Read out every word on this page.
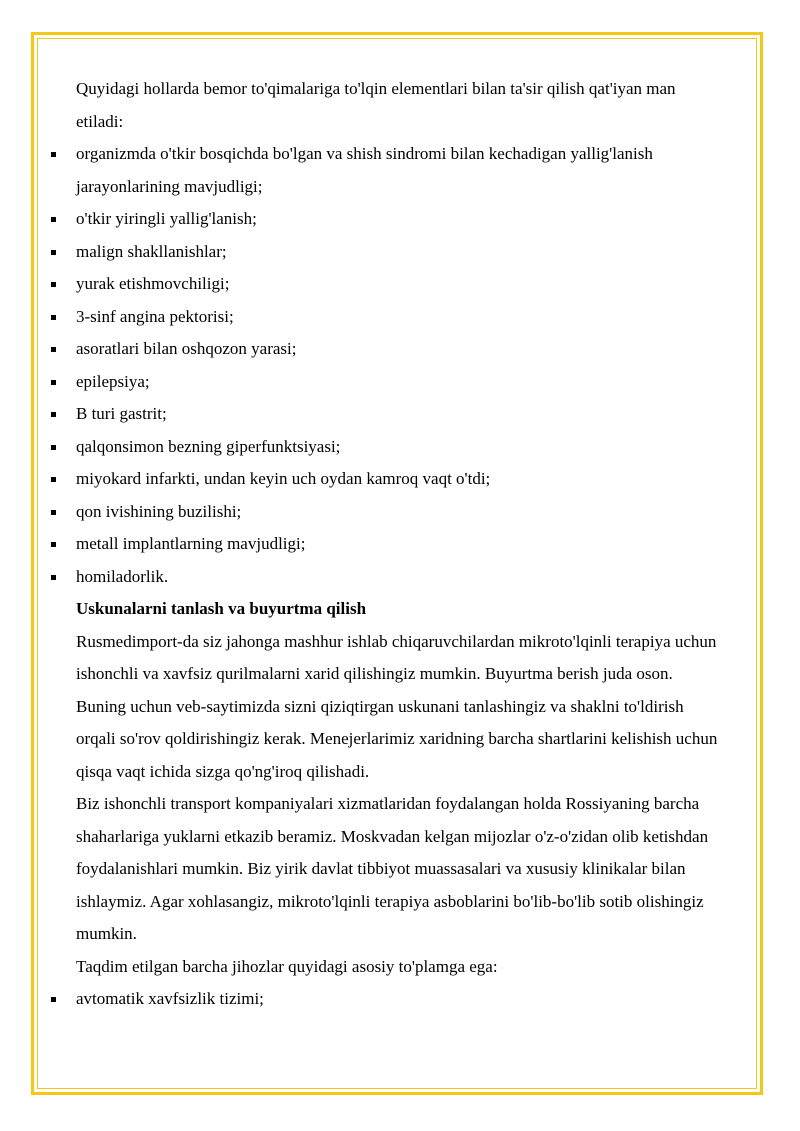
Quyidagi hollarda bemor to'qimalariga to'lqin elementlari bilan ta'sir qilish qat'iyan man etiladi:

organizmda o'tkir bosqichda bo'lgan va shish sindromi bilan kechadigan yallig'lanish jarayonlarining mavjudligi;
o'tkir yiringli yallig'lanish;
malign shakllanishlar;
yurak etishmovchiligi;
3-sinf angina pektorisi;
asoratlari bilan oshqozon yarasi;
epilepsiya;
B turi gastrit;
qalqonsimon bezning giperfunktsiyasi;
miyokard infarkti, undan keyin uch oydan kamroq vaqt o'tdi;
qon ivishining buzilishi;
metall implantlarning mavjudligi;
homiladorlik.

Uskunalarni tanlash va buyurtma qilish

Rusmedimport-da siz jahonga mashhur ishlab chiqaruvchilardan mikroto'lqinli terapiya uchun ishonchli va xavfsiz qurilmalarni xarid qilishingiz mumkin. Buyurtma berish juda oson. Buning uchun veb-saytimizda sizni qiziqtirgan uskunani tanlashingiz va shaklni to'ldirish orqali so'rov qoldirishingiz kerak. Menejerlarimiz xaridning barcha shartlarini kelishish uchun qisqa vaqt ichida sizga qo'ng'iroq qilishadi.

Biz ishonchli transport kompaniyalari xizmatlaridan foydalangan holda Rossiyaning barcha shaharlariga yuklarni etkazib beramiz. Moskvadan kelgan mijozlar o'z-o'zidan olib ketishdan foydalanishlari mumkin. Biz yirik davlat tibbiyot muassasalari va xususiy klinikalar bilan ishlaymiz. Agar xohlasangiz, mikroto'lqinli terapiya asboblarini bo'lib-bo'lib sotib olishingiz mumkin.

Taqdim etilgan barcha jihozlar quyidagi asosiy to'plamga ega:

avtomatik xavfsizlik tizimi;
